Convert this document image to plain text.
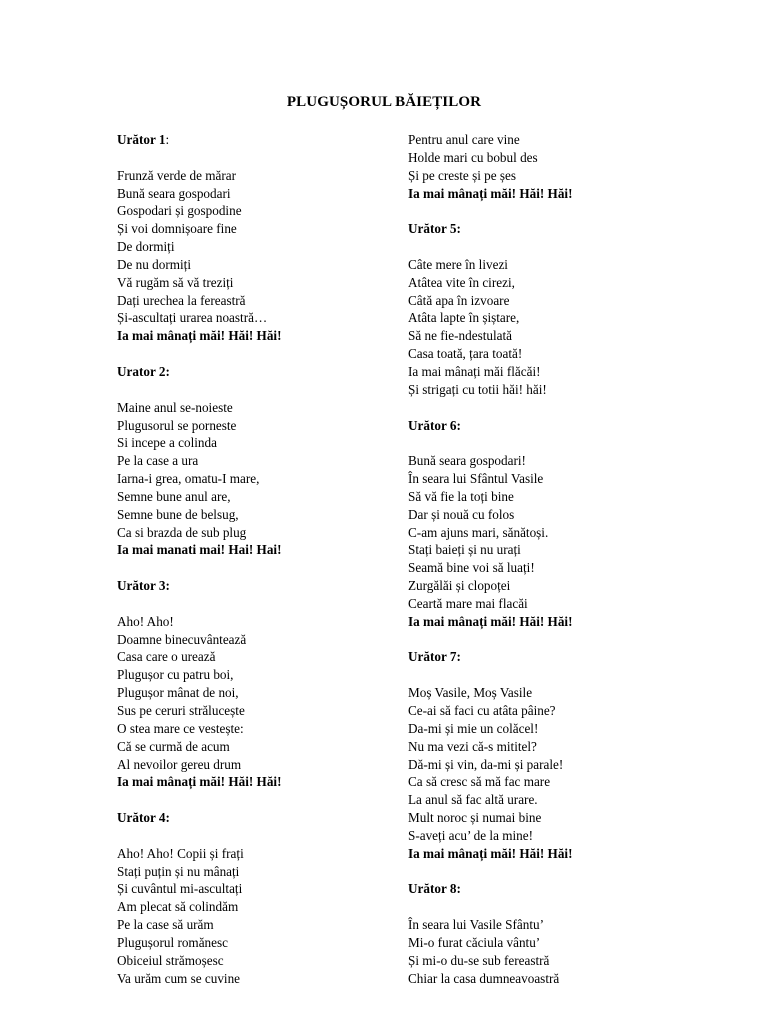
PLUGUȘORUL BĂIEȚILOR
Urător 1:
Frunză verde de mărar
Bună seara gospodari
Gospodari și gospodine
Și voi domnișoare fine
De dormiți
De nu dormiți
Vă rugăm să vă treziți
Dați urechea la fereastră
Și-ascultați urarea noastră…
Ia mai mânați măi! Hăi! Hăi!
Urator 2:
Maine anul se-noieste
Plugusorul se porneste
Si incepe a colinda
Pe la case a ura
Iarna-i grea, omatu-I mare,
Semne bune anul are,
Semne bune de belsug,
Ca si brazda de sub plug
Ia mai manati mai! Hai! Hai!
Urător 3:
Aho! Aho!
Doamne binecuvântează
Casa care o urează
Plugușor cu patru boi,
Plugușor mânat de noi,
Sus pe ceruri strălucește
O stea mare ce vestește:
Că se curmă de acum
Al nevoilor gereu drum
Ia mai mânați măi! Hăi! Hăi!
Urător 4:
Aho! Aho! Copii și frați
Stați puțin și nu mânați
Și cuvântul mi-ascultați
Am plecat să colindăm
Pe la case să urăm
Plugușorul romănesc
Obiceiul strămoșesc
Va urăm cum se cuvine
Pentru anul care vine
Holde mari cu bobul des
Și pe creste și pe șes
Ia mai mânați măi! Hăi! Hăi!
Urător 5:
Câte mere în livezi
Atâtea vite în cirezi,
Câtă apa în izvoare
Atâta lapte în șiștare,
Să ne fie-ndestulată
Casa toată, țara toată!
Ia mai mânați măi flăcăi!
Și strigați cu totii hăi! hăi!
Urător 6:
Bună seara gospodari!
În seara lui Sfântul Vasile
Să vă fie la toți bine
Dar și nouă cu folos
C-am ajuns mari, sănătoși.
Stați baieți și nu urați
Seamă bine voi să luați!
Zurgălăi și clopoței
Ceartă mare mai flacăi
Ia mai mânați măi! Hăi! Hăi!
Urător 7:
Moș Vasile, Moș Vasile
Ce-ai să faci cu atâta pâine?
Da-mi și mie un colăcel!
Nu ma vezi că-s mititel?
Dă-mi și vin, da-mi și parale!
Ca să cresc să mă fac mare
La anul să fac altă urare.
Mult noroc și numai bine
S-aveți acu’ de la mine!
Ia mai mânați măi! Hăi! Hăi!
Urător 8:
În seara lui Vasile Sfântu’
Mi-o furat căciula vântu’
Și mi-o du-se sub fereastră
Chiar la casa dumneavoastră
